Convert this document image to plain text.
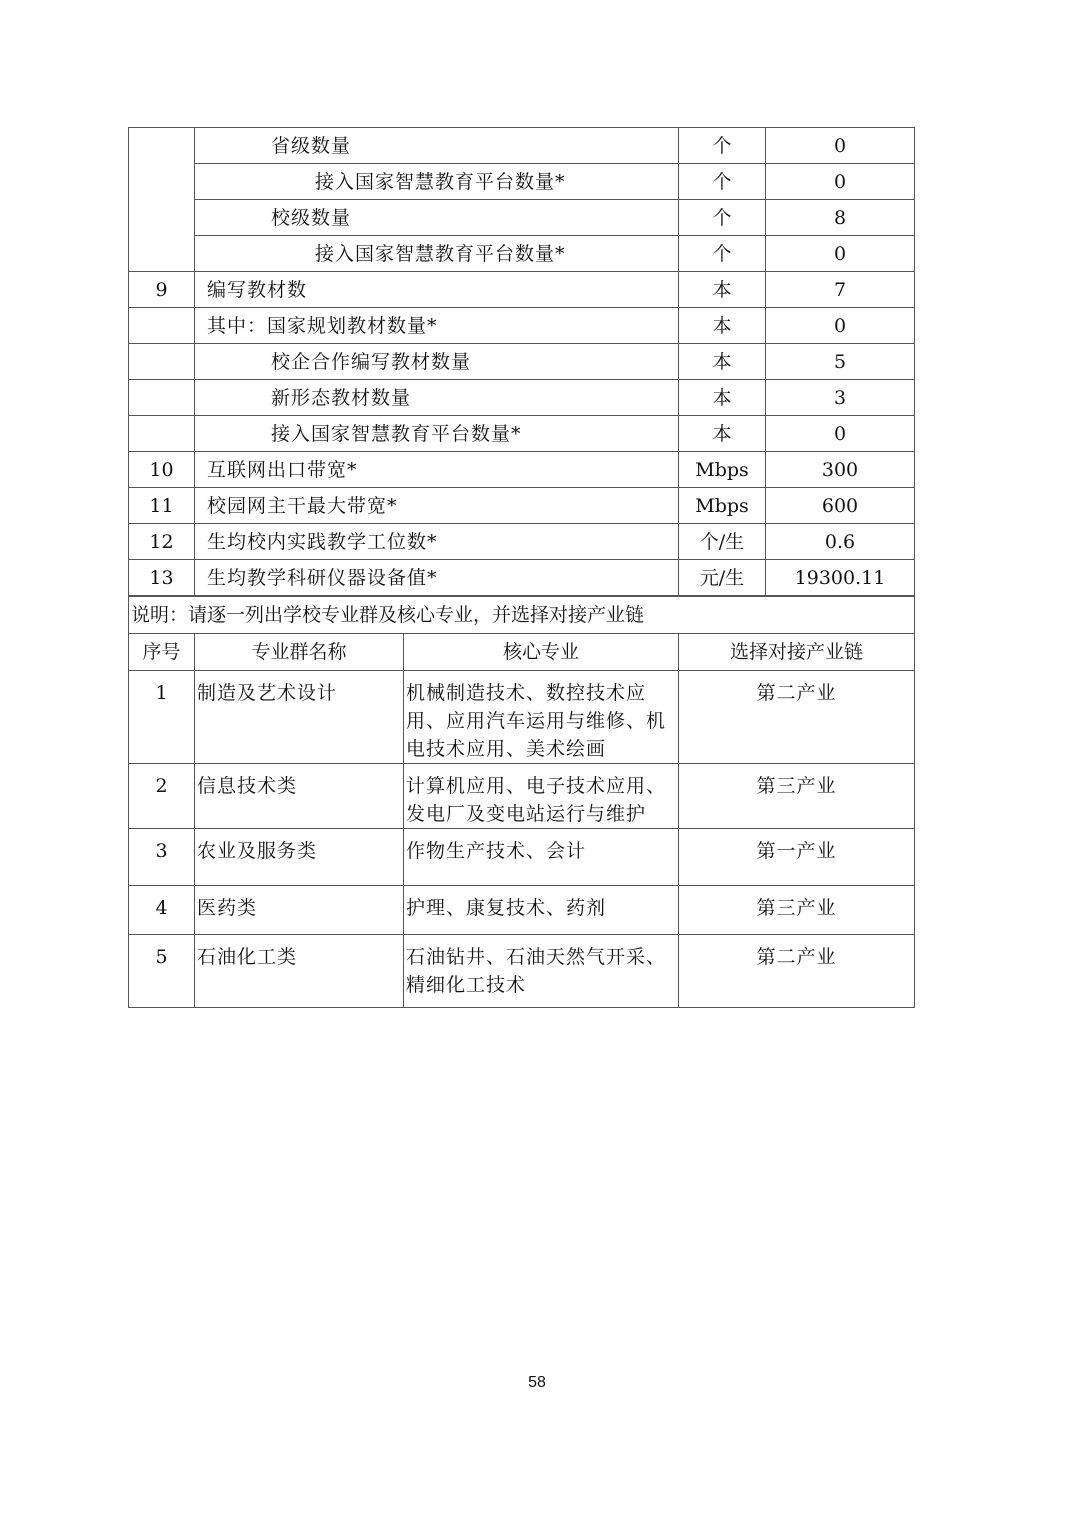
	省级数量	个	0
	接入国家智慧教育平台数量*	个	0
	校级数量	个	8
	接入国家智慧教育平台数量*	个	0
9	编写教材数	本	7
	其中：国家规划教材数量*	本	0
	校企合作编写教材数量	本	5
	新形态教材数量	本	3
	接入国家智慧教育平台数量*	本	0
10	互联网出口带宽*	Mbps	300
11	校园网主干最大带宽*	Mbps	600
12	生均校内实践教学工位数*	个/生	0.6
13	生均教学科研仪器设备值*	元/生	19300.11
说明：请逐一列出学校专业群及核心专业，并选择对接产业链			
序号	专业群名称	核心专业	选择对接产业链
1	制造及艺术设计	机械制造技术、数控技术应用、应用汽车运用与维修、机电技术应用、美术绘画	第二产业
2	信息技术类	计算机应用、电子技术应用、发电厂及变电站运行与维护	第三产业
3	农业及服务类	作物生产技术、会计	第一产业
4	医药类	护理、康复技术、药剂	第三产业
5	石油化工类	石油钻井、石油天然气开采、精细化工技术	第二产业
58
